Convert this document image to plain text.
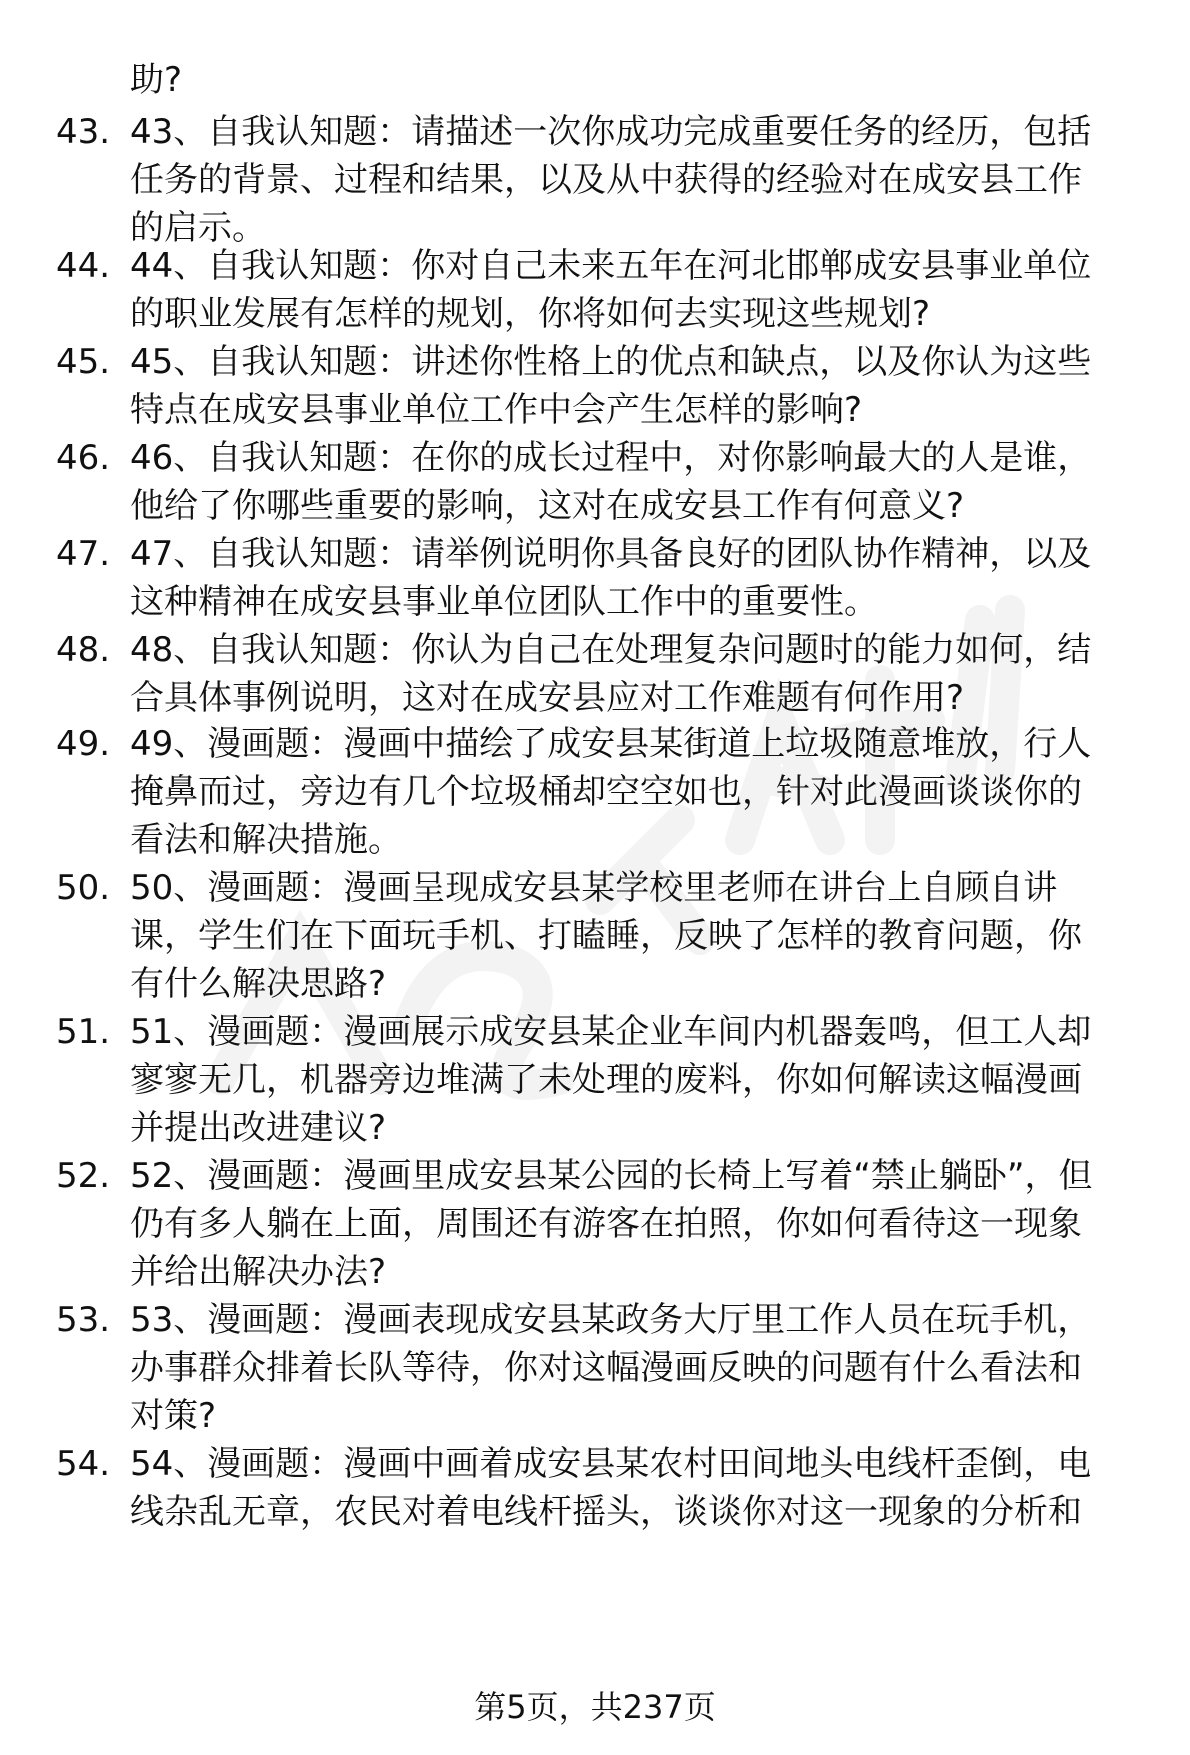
助?
43. 43、自我认知题：请描述一次你成功完成重要任务的经历，包括
任务的背景、过程和结果，以及从中获得的经验对在成安县工作
的启示。
44. 44、自我认知题：你对自己未来五年在河北邯郸成安县事业单位
的职业发展有怎样的规划，你将如何去实现这些规划?
45. 45、自我认知题：讲述你性格上的优点和缺点，以及你认为这些
特点在成安县事业单位工作中会产生怎样的影响?
46. 46、自我认知题：在你的成长过程中，对你影响最大的人是谁，
他给了你哪些重要的影响，这对在成安县工作有何意义?
47. 47、自我认知题：请举例说明你具备良好的团队协作精神，以及
这种精神在成安县事业单位团队工作中的重要性。
48. 48、自我认知题：你认为自己在处理复杂问题时的能力如何，结
合具体事例说明，这对在成安县应对工作难题有何作用?
49. 49、漫画题：漫画中描绘了成安县某街道上垃圾随意堆放，行人
掩鼻而过，旁边有几个垃圾桶却空空如也，针对此漫画谈谈你的
看法和解决措施。
50. 50、漫画题：漫画呈现成安县某学校里老师在讲台上自顾自讲
课，学生们在下面玩手机、打瞌睡，反映了怎样的教育问题，你
有什么解决思路?
51. 51、漫画题：漫画展示成安县某企业车间内机器轰鸣，但工人却
寥寥无几，机器旁边堆满了未处理的废料，你如何解读这幅漫画
并提出改进建议?
52. 52、漫画题：漫画里成安县某公园的长椅上写着“禁止躺卧”，但
仍有多人躺在上面，周围还有游客在拍照，你如何看待这一现象
并给出解决办法?
53. 53、漫画题：漫画表现成安县某政务大厅里工作人员在玩手机，
办事群众排着长队等待，你对这幅漫画反映的问题有什么看法和
对策?
54. 54、漫画题：漫画中画着成安县某农村田间地头电线杆歪倒，电
线杂乱无章，农民对着电线杆摇头，谈谈你对这一现象的分析和
第5页，共237页
